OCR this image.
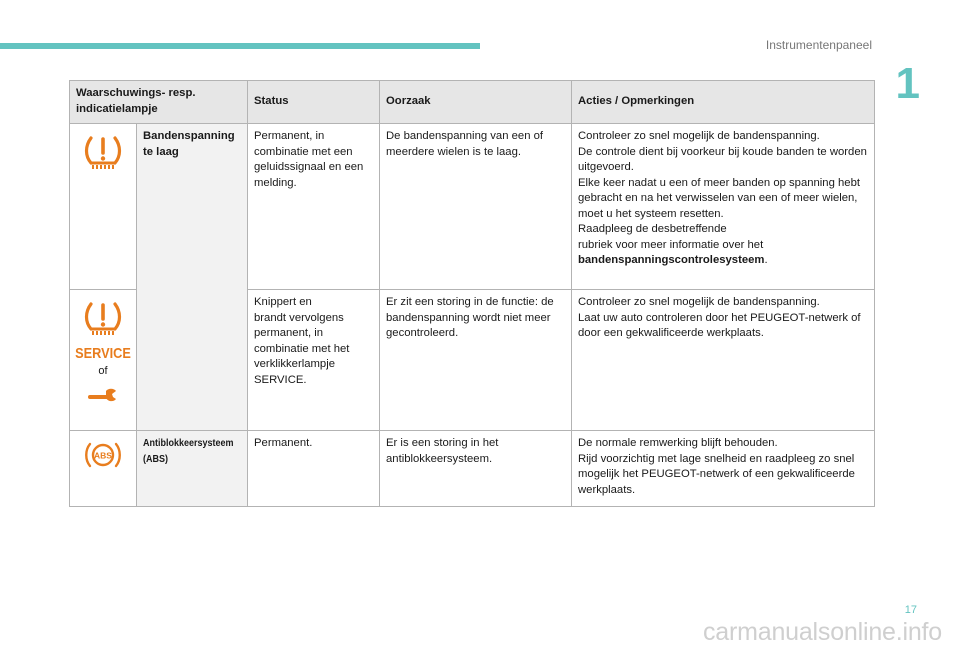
Instrumentenpaneel
1
Waarschuwings- resp. indicatielampje		Status	Oorzaak	Acties / Opmerkingen

	Bandenspanning te laag	Permanent, in combinatie met een geluidssignaal en een melding.	De bandenspanning van een of meerdere wielen is te laag.	Controleer zo snel mogelijk de bandenspanning.
De controle dient bij voorkeur bij koude banden te worden uitgevoerd.
Elke keer nadat u een of meer banden op spanning hebt gebracht en na het verwisselen van een of meer wielen, moet u het systeem resetten.
Raadpleeg de desbetreffende
rubriek voor meer informatie over het bandenspanningscontrolesysteem.

SERVICE
of		Knippert en
brandt vervolgens permanent, in combinatie met het verklikkerlampje SERVICE.	Er zit een storing in de functie: de bandenspanning wordt niet meer gecontroleerd.	Controleer zo snel mogelijk de bandenspanning.
Laat uw auto controleren door het PEUGEOT-netwerk of door een gekwalificeerde werkplaats.

ABS	Antiblokkeersysteem (ABS)	Permanent.	Er is een storing in het antiblokkeersysteem.	De normale remwerking blijft behouden.
Rijd voorzichtig met lage snelheid en raadpleeg zo snel mogelijk het PEUGEOT-netwerk of een gekwalificeerde werkplaats.
17
carmanualsonline.info
